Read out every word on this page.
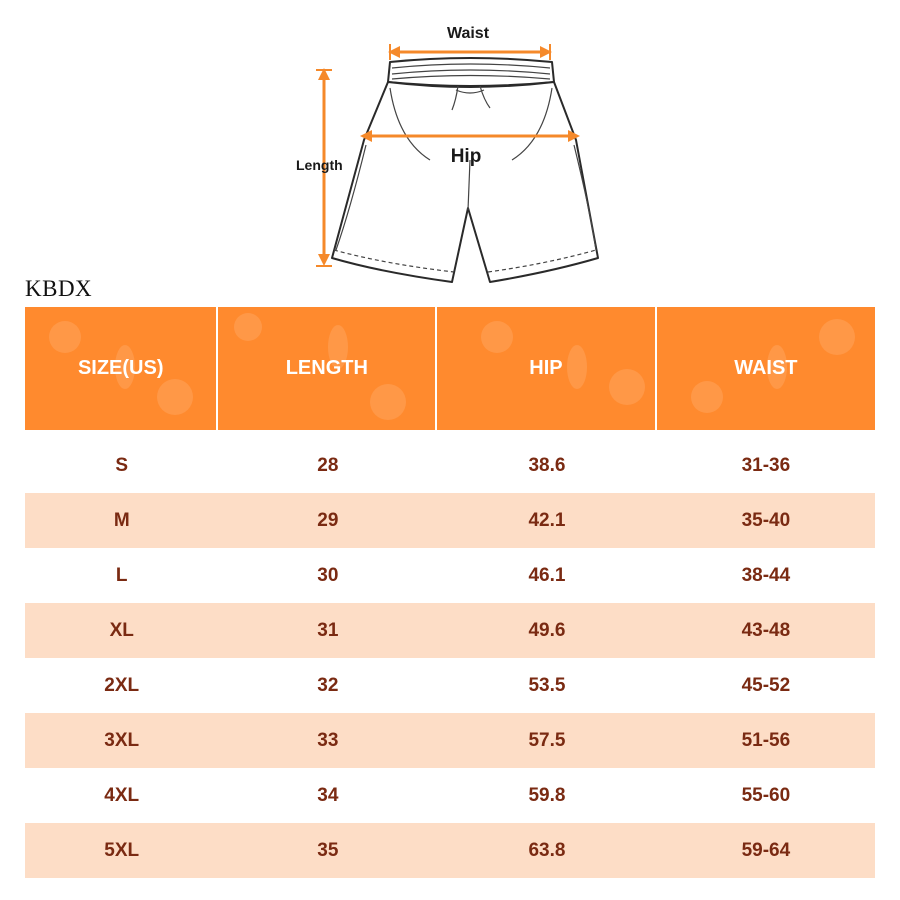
Waist
Hip
Length
KBDX
SIZE(US)	LENGTH	HIP	WAIST

S	28	38.6	31-36

M	29	42.1	35-40

L	30	46.1	38-44

XL	31	49.6	43-48

2XL	32	53.5	45-52

3XL	33	57.5	51-56

4XL	34	59.8	55-60

5XL	35	63.8	59-64
